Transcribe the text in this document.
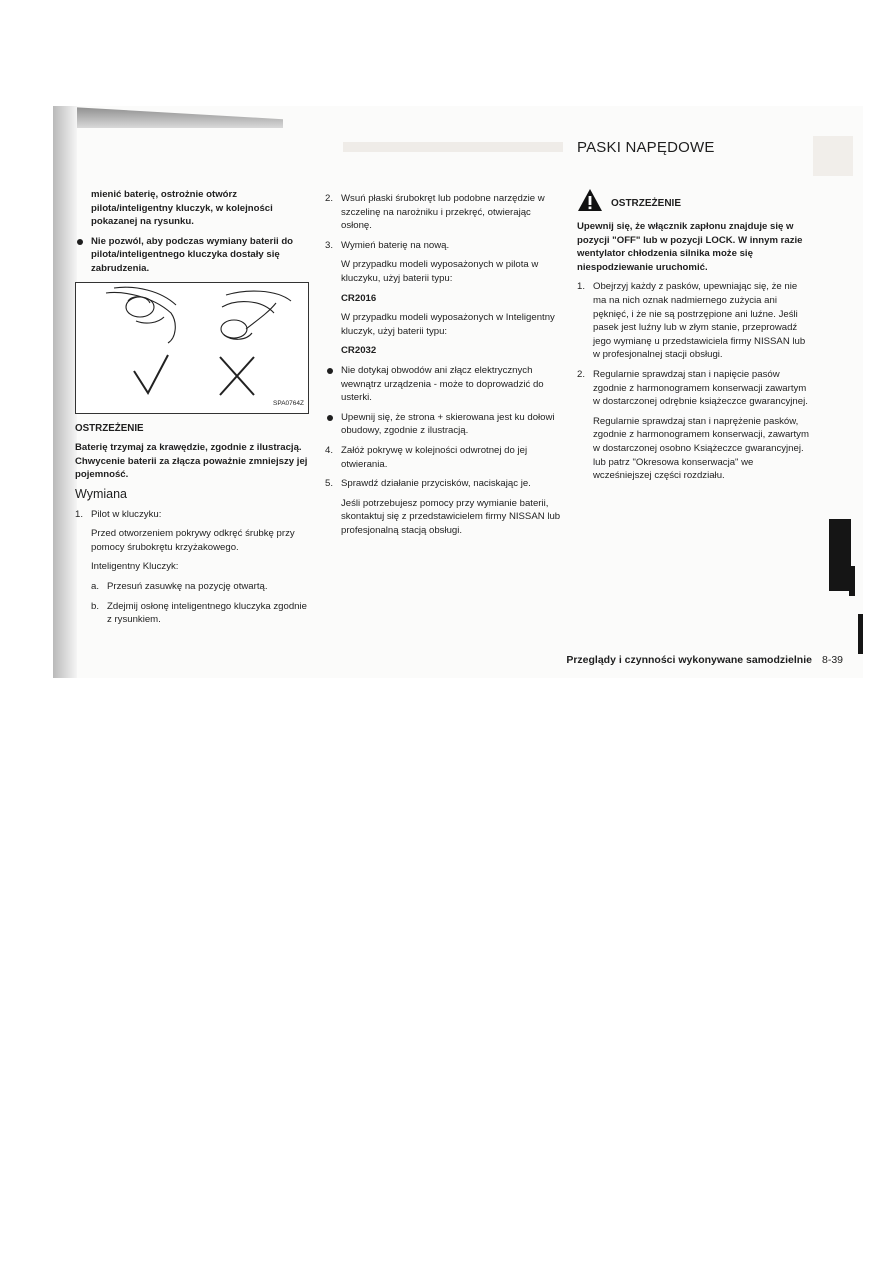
PASKI NAPĘDOWE

mienić baterię, ostrożnie otwórz pilota/inteligentny kluczyk, w kolejności pokazanej na rysunku.

Nie pozwól, aby podczas wymiany baterii do pilota/inteligentnego kluczyka dostały się zabrudzenia.
SPA0764Z
OSTRZEŻENIE

Baterię trzymaj za krawędzie, zgodnie z ilustracją. Chwycenie baterii za złącza poważnie zmniejszy jej pojemność.

Wymiana
1. Pilot w kluczyku:
Przed otworzeniem pokrywy odkręć śrubkę przy pomocy śrubokrętu krzyżakowego.
Inteligentny Kluczyk:
a. Przesuń zasuwkę na pozycję otwartą.
b. Zdejmij osłonę inteligentnego kluczyka zgodnie z rysunkiem.
2. Wsuń płaski śrubokręt lub podobne narzędzie w szczelinę na narożniku i przekręć, otwierając osłonę.
3. Wymień baterię na nową.
W przypadku modeli wyposażonych w pilota w kluczyku, użyj baterii typu:
CR2016
W przypadku modeli wyposażonych w Inteligentny kluczyk, użyj baterii typu:
CR2032
Nie dotykaj obwodów ani złącz elektrycznych wewnątrz urządzenia - może to doprowadzić do usterki.
Upewnij się, że strona + skierowana jest ku dołowi obudowy, zgodnie z ilustracją.
4. Załóż pokrywę w kolejności odwrotnej do jej otwierania.
5. Sprawdź działanie przycisków, naciskając je.
Jeśli potrzebujesz pomocy przy wymianie baterii, skontaktuj się z przedstawicielem firmy NISSAN lub profesjonalną stacją obsługi.
OSTRZEŻENIE

Upewnij się, że włącznik zapłonu znajduje się w pozycji "OFF" lub w pozycji LOCK. W innym razie wentylator chłodzenia silnika może się niespodziewanie uruchomić.

1. Obejrzyj każdy z pasków, upewniając się, że nie ma na nich oznak nadmiernego zużycia ani pęknięć, i że nie są postrzępione ani luźne. Jeśli pasek jest luźny lub w złym stanie, przeprowadź jego wymianę u przedstawiciela firmy NISSAN lub w profesjonalnej stacji obsługi.
2. Regularnie sprawdzaj stan i napięcie pasów zgodnie z harmonogramem konserwacji zawartym w dostarczonej odrębnie książeczce gwarancyjnej.
Regularnie sprawdzaj stan i naprężenie pasków, zgodnie z harmonogramem konserwacji, zawartym w dostarczonej osobno Książeczce gwarancyjnej. lub patrz "Okresowa konserwacja" we wcześniejszej części rozdziału.
Przeglądy i czynności wykonywane samodzielnie 8-39
